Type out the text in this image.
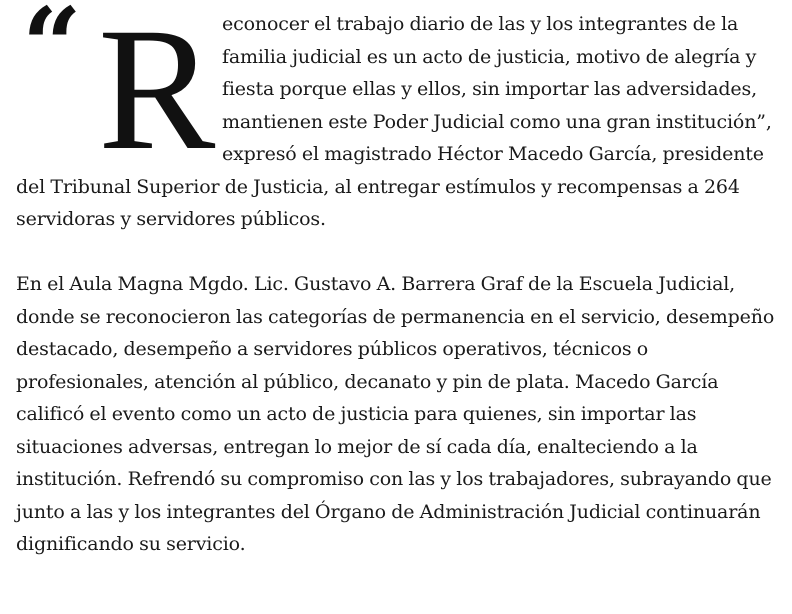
“ R econocer el trabajo diario de las y los integrantes de la familia judicial es un acto de justicia, motivo de alegría y fiesta porque ellas y ellos, sin importar las adversidades, mantienen este Poder Judicial como una gran institución”, expresó el magistrado Héctor Macedo García, presidente del Tribunal Superior de Justicia, al entregar estímulos y recompensas a 264 servidoras y servidores públicos.

En el Aula Magna Mgdo. Lic. Gustavo A. Barrera Graf de la Escuela Judicial, donde se reconocieron las categorías de permanencia en el servicio, desempeño destacado, desempeño a servidores públicos operativos, técnicos o profesionales, atención al público, decanato y pin de plata. Macedo García calificó el evento como un acto de justicia para quienes, sin importar las situaciones adversas, entregan lo mejor de sí cada día, enalteciendo a la institución. Refrendó su compromiso con las y los trabajadores, subrayando que junto a las y los integrantes del Órgano de Administración Judicial continuarán dignificando su servicio.
